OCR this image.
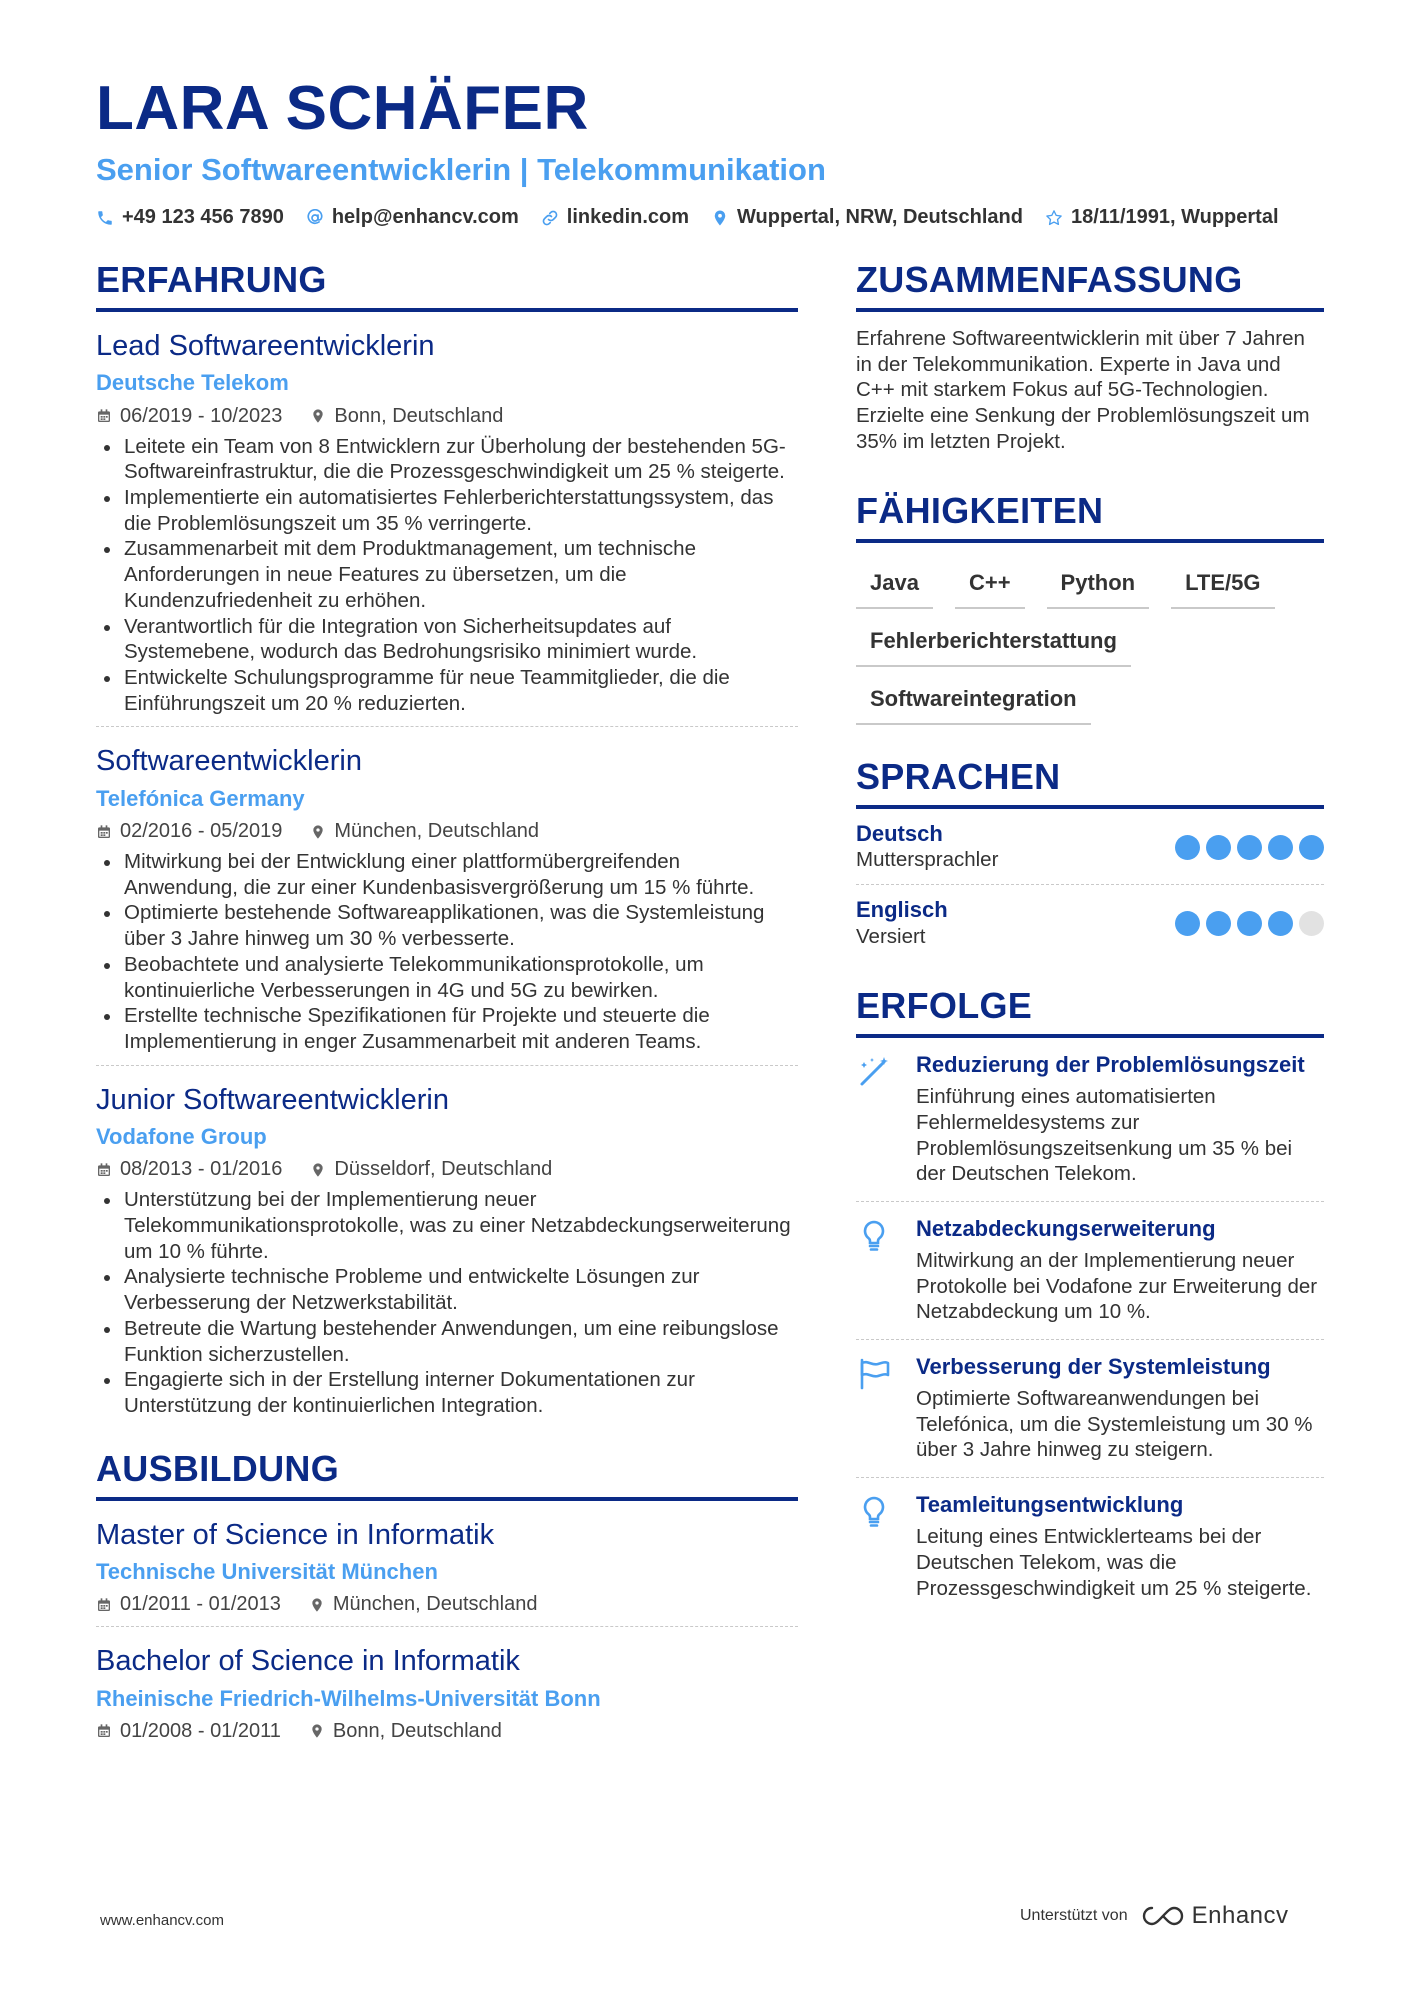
LARA SCHÄFER
Senior Softwareentwicklerin | Telekommunikation
+49 123 456 7890 help@enhancv.com linkedin.com Wuppertal, NRW, Deutschland 18/11/1991, Wuppertal
ERFAHRUNG
Lead Softwareentwicklerin
Deutsche Telekom
06/2019 - 10/2023	Bonn, Deutschland
Leitete ein Team von 8 Entwicklern zur Überholung der bestehenden 5G-Softwareinfrastruktur, die die Prozessgeschwindigkeit um 25 % steigerte.
Implementierte ein automatisiertes Fehlerberichterstattungssystem, das die Problemlösungszeit um 35 % verringerte.
Zusammenarbeit mit dem Produktmanagement, um technische Anforderungen in neue Features zu übersetzen, um die Kundenzufriedenheit zu erhöhen.
Verantwortlich für die Integration von Sicherheitsupdates auf Systemebene, wodurch das Bedrohungsrisiko minimiert wurde.
Entwickelte Schulungsprogramme für neue Teammitglieder, die die Einführungszeit um 20 % reduzierten.
Softwareentwicklerin
Telefónica Germany
02/2016 - 05/2019	München, Deutschland
Mitwirkung bei der Entwicklung einer plattformübergreifenden Anwendung, die zur einer Kundenbasisvergrößerung um 15 % führte.
Optimierte bestehende Softwareapplikationen, was die Systemleistung über 3 Jahre hinweg um 30 % verbesserte.
Beobachtete und analysierte Telekommunikationsprotokolle, um kontinuierliche Verbesserungen in 4G und 5G zu bewirken.
Erstellte technische Spezifikationen für Projekte und steuerte die Implementierung in enger Zusammenarbeit mit anderen Teams.
Junior Softwareentwicklerin
Vodafone Group
08/2013 - 01/2016	Düsseldorf, Deutschland
Unterstützung bei der Implementierung neuer Telekommunikationsprotokolle, was zu einer Netzabdeckungserweiterung um 10 % führte.
Analysierte technische Probleme und entwickelte Lösungen zur Verbesserung der Netzwerkstabilität.
Betreute die Wartung bestehender Anwendungen, um eine reibungslose Funktion sicherzustellen.
Engagierte sich in der Erstellung interner Dokumentationen zur Unterstützung der kontinuierlichen Integration.
AUSBILDUNG
Master of Science in Informatik
Technische Universität München
01/2011 - 01/2013	München, Deutschland
Bachelor of Science in Informatik
Rheinische Friedrich-Wilhelms-Universität Bonn
01/2008 - 01/2011	Bonn, Deutschland
ZUSAMMENFASSUNG
Erfahrene Softwareentwicklerin mit über 7 Jahren in der Telekommunikation. Experte in Java und C++ mit starkem Fokus auf 5G-Technologien. Erzielte eine Senkung der Problemlösungszeit um 35% im letzten Projekt.
FÄHIGKEITEN
Java	C++	Python	LTE/5G
Fehlerberichterstattung
Softwareintegration
SPRACHEN
Deutsch
Muttersprachler
Englisch
Versiert
ERFOLGE
Reduzierung der Problemlösungszeit
Einführung eines automatisierten Fehlermeldesystems zur Problemlösungszeitsenkung um 35 % bei der Deutschen Telekom.
Netzabdeckungserweiterung
Mitwirkung an der Implementierung neuer Protokolle bei Vodafone zur Erweiterung der Netzabdeckung um 10 %.
Verbesserung der Systemleistung
Optimierte Softwareanwendungen bei Telefónica, um die Systemleistung um 30 % über 3 Jahre hinweg zu steigern.
Teamleitungsentwicklung
Leitung eines Entwicklerteams bei der Deutschen Telekom, was die Prozessgeschwindigkeit um 25 % steigerte.
www.enhancv.com	Unterstützt von	Enhancv
